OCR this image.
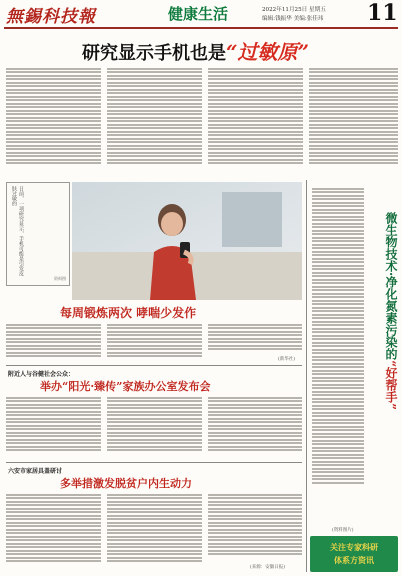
無錫科技報	健康生活	2022年11月25日 星期五
编辑:钱振华 美编:张佳玮 11
研究显示手机也是“过敏原”
日前，一项研究显示，手机可能是引发皮肤过敏的
资料图
每周锻炼两次 哮喘少发作
(新华社)
附近人与谷健社会公众：
举办“阳光·臻传”家族办公室发布会
六安市家居具盖研讨
多举措激发脱贫户内生动力
(来源：安徽日报)
微生物技术·净化氮素污染的“好帮手”
(资料图片)
关注专家科研
体系方资讯
